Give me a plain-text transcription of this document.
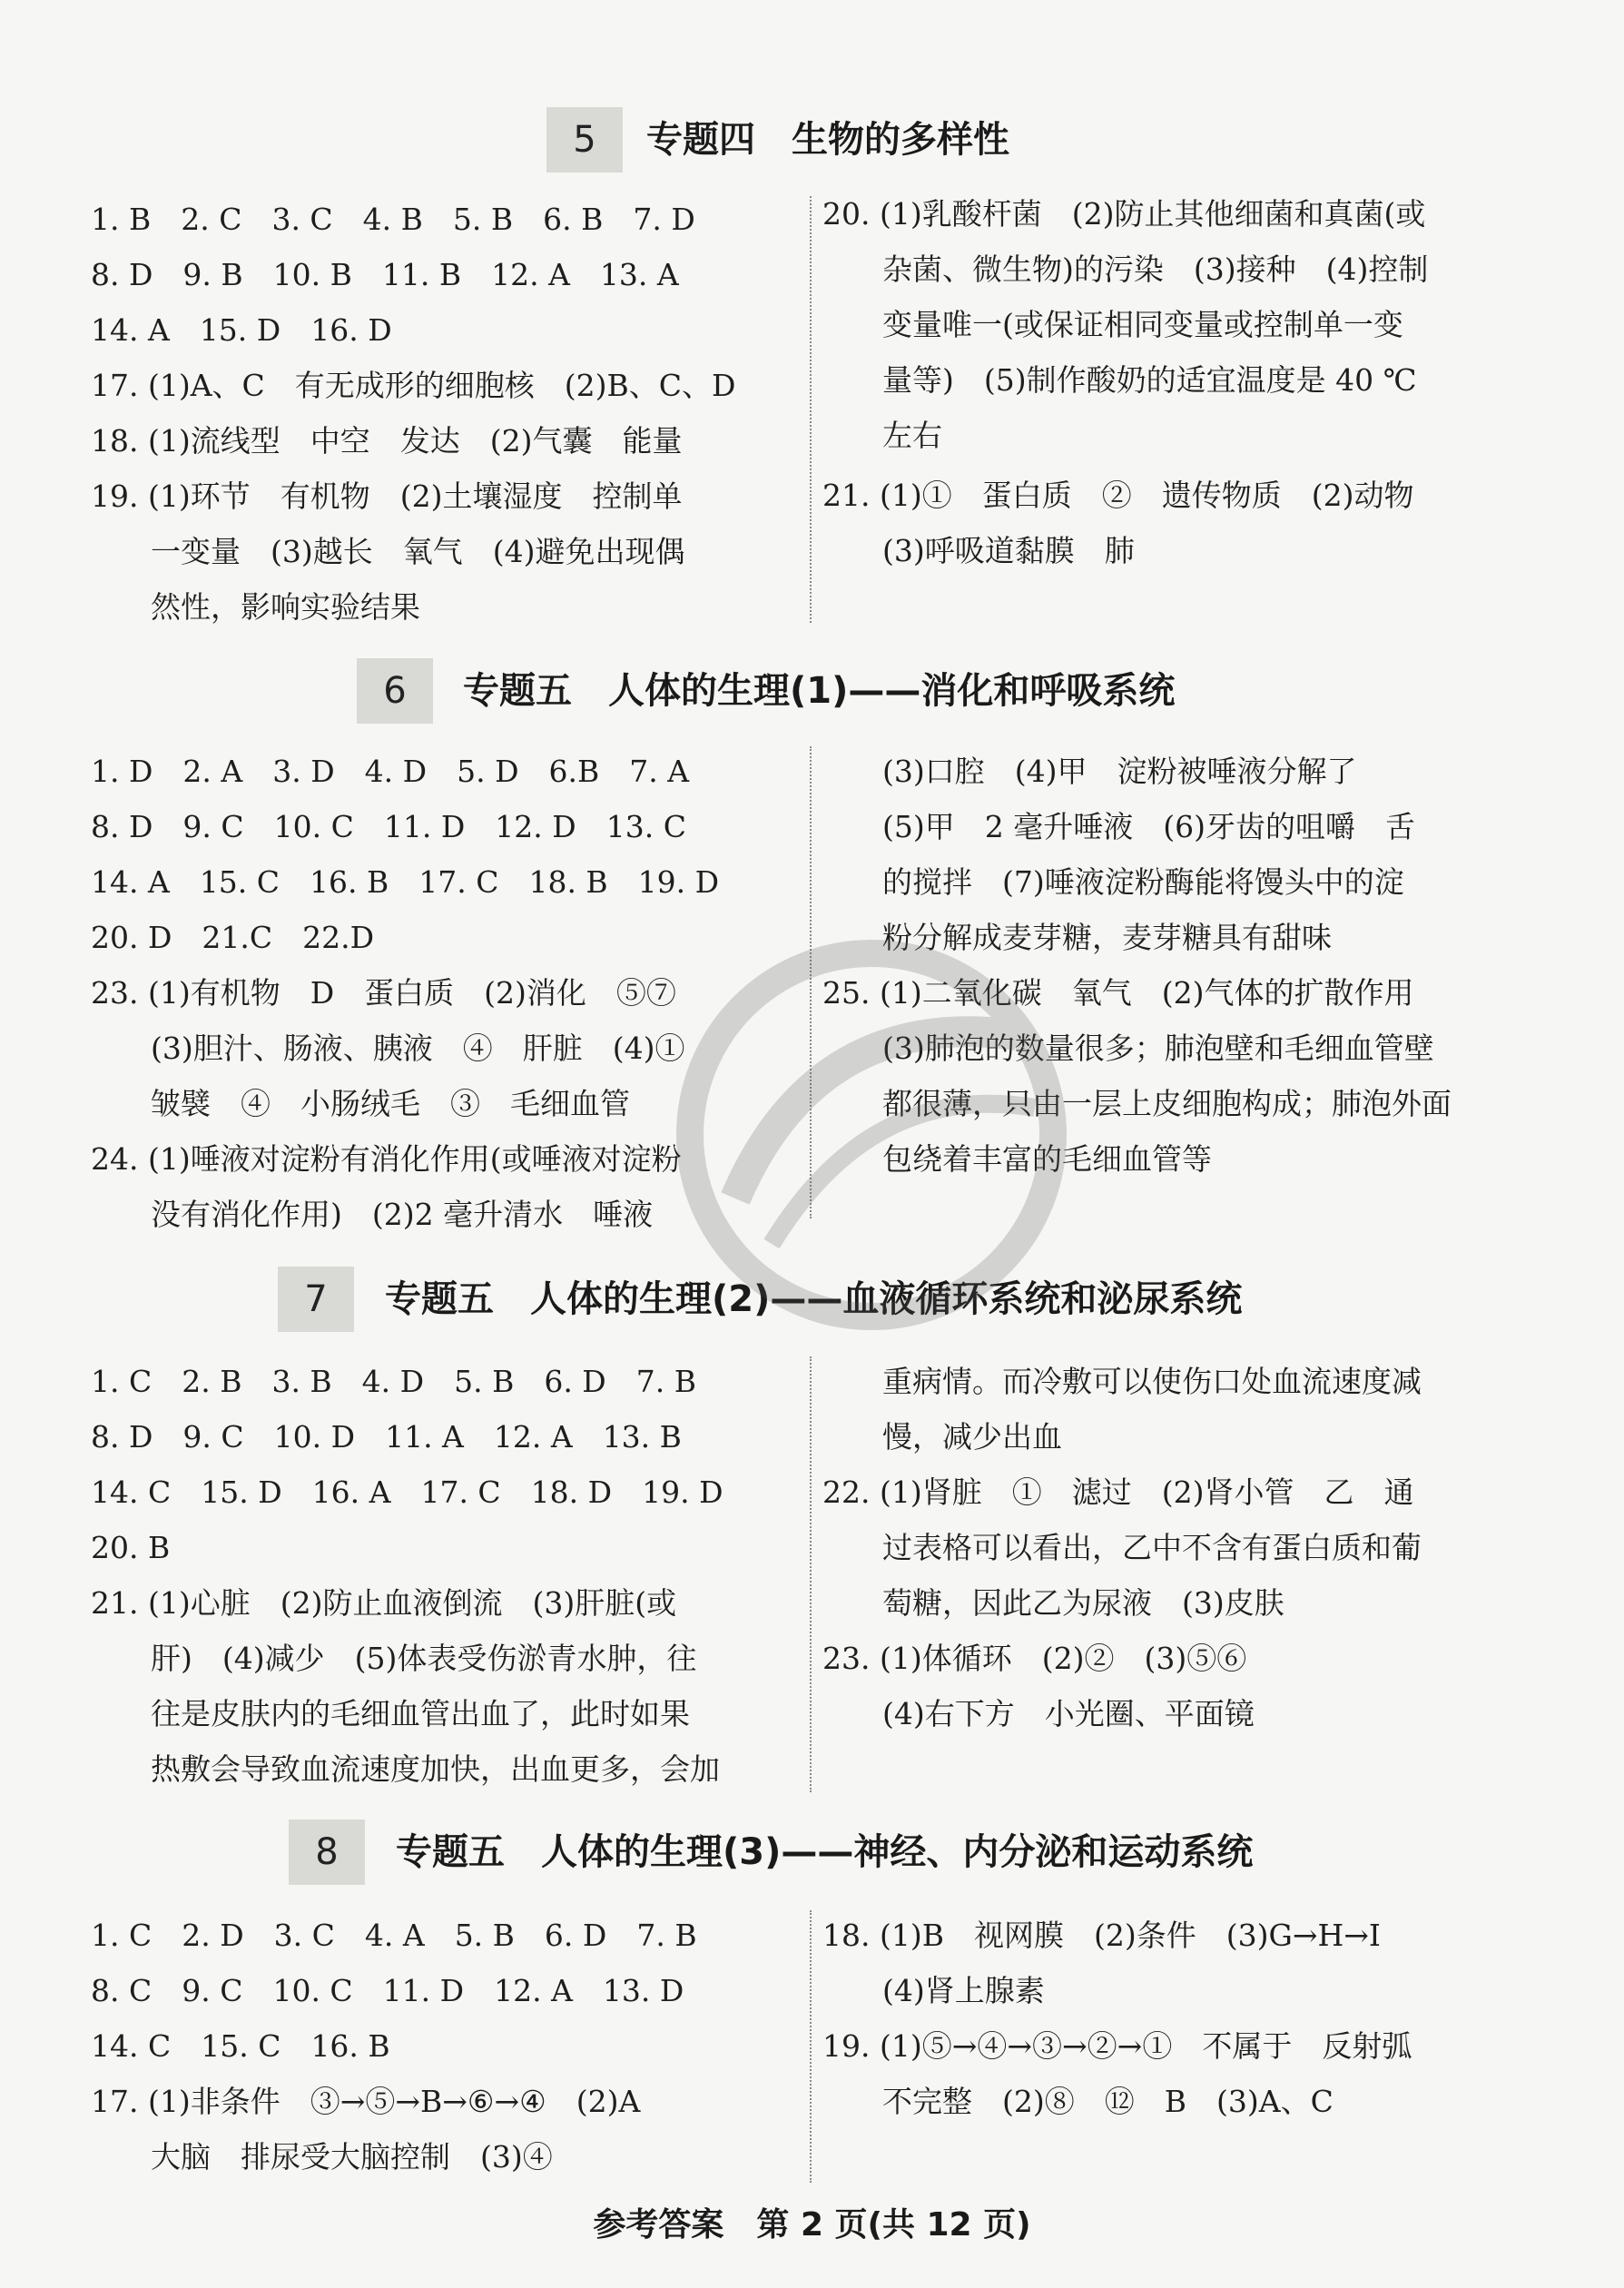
5	专题四　生物的多样性
1. B　2. C　3. C　4. B　5. B　6. B　7. D
8. D　9. B　10. B　11. B　12. A　13. A
14. A　15. D　16. D
17. (1)A、C　有无成形的细胞核　(2)B、C、D
18. (1)流线型　中空　发达　(2)气囊　能量
19. (1)环节　有机物　(2)土壤湿度　控制单
　　一变量　(3)越长　氧气　(4)避免出现偶
　　然性，影响实验结果
20. (1)乳酸杆菌　(2)防止其他细菌和真菌(或
　　杂菌、微生物)的污染　(3)接种　(4)控制
　　变量唯一(或保证相同变量或控制单一变
　　量等)　(5)制作酸奶的适宜温度是 40 ℃
　　左右
21. (1)①　蛋白质　②　遗传物质　(2)动物
　　(3)呼吸道黏膜　肺
6	专题五　人体的生理(1)——消化和呼吸系统
1. D　2. A　3. D　4. D　5. D　6.B　7. A
8. D　9. C　10. C　11. D　12. D　13. C
14. A　15. C　16. B　17. C　18. B　19. D
20. D　21.C　22.D
23. (1)有机物　D　蛋白质　(2)消化　⑤⑦
　　(3)胆汁、肠液、胰液　④　肝脏　(4)①
　　皱襞　④　小肠绒毛　③　毛细血管
24. (1)唾液对淀粉有消化作用(或唾液对淀粉
　　没有消化作用)　(2)2 毫升清水　唾液
　　(3)口腔　(4)甲　淀粉被唾液分解了
　　(5)甲　2 毫升唾液　(6)牙齿的咀嚼　舌
　　的搅拌　(7)唾液淀粉酶能将馒头中的淀
　　粉分解成麦芽糖，麦芽糖具有甜味
25. (1)二氧化碳　氧气　(2)气体的扩散作用
　　(3)肺泡的数量很多；肺泡壁和毛细血管壁
　　都很薄，只由一层上皮细胞构成；肺泡外面
　　包绕着丰富的毛细血管等
7	专题五　人体的生理(2)——血液循环系统和泌尿系统
1. C　2. B　3. B　4. D　5. B　6. D　7. B
8. D　9. C　10. D　11. A　12. A　13. B
14. C　15. D　16. A　17. C　18. D　19. D
20. B
21. (1)心脏　(2)防止血液倒流　(3)肝脏(或
　　肝)　(4)减少　(5)体表受伤淤青水肿，往
　　往是皮肤内的毛细血管出血了，此时如果
　　热敷会导致血流速度加快，出血更多，会加
　　重病情。而冷敷可以使伤口处血流速度减
　　慢，减少出血
22. (1)肾脏　①　滤过　(2)肾小管　乙　通
　　过表格可以看出，乙中不含有蛋白质和葡
　　萄糖，因此乙为尿液　(3)皮肤
23. (1)体循环　(2)②　(3)⑤⑥
　　(4)右下方　小光圈、平面镜
8	专题五　人体的生理(3)——神经、内分泌和运动系统
1. C　2. D　3. C　4. A　5. B　6. D　7. B
8. C　9. C　10. C　11. D　12. A　13. D
14. C　15. C　16. B
17. (1)非条件　③→⑤→B→⑥→④　(2)A
　　大脑　排尿受大脑控制　(3)④
18. (1)B　视网膜　(2)条件　(3)G→H→I
　　(4)肾上腺素
19. (1)⑤→④→③→②→①　不属于　反射弧
　　不完整　(2)⑧　⑫　B　(3)A、C
参考答案　第 2 页(共 12 页)
